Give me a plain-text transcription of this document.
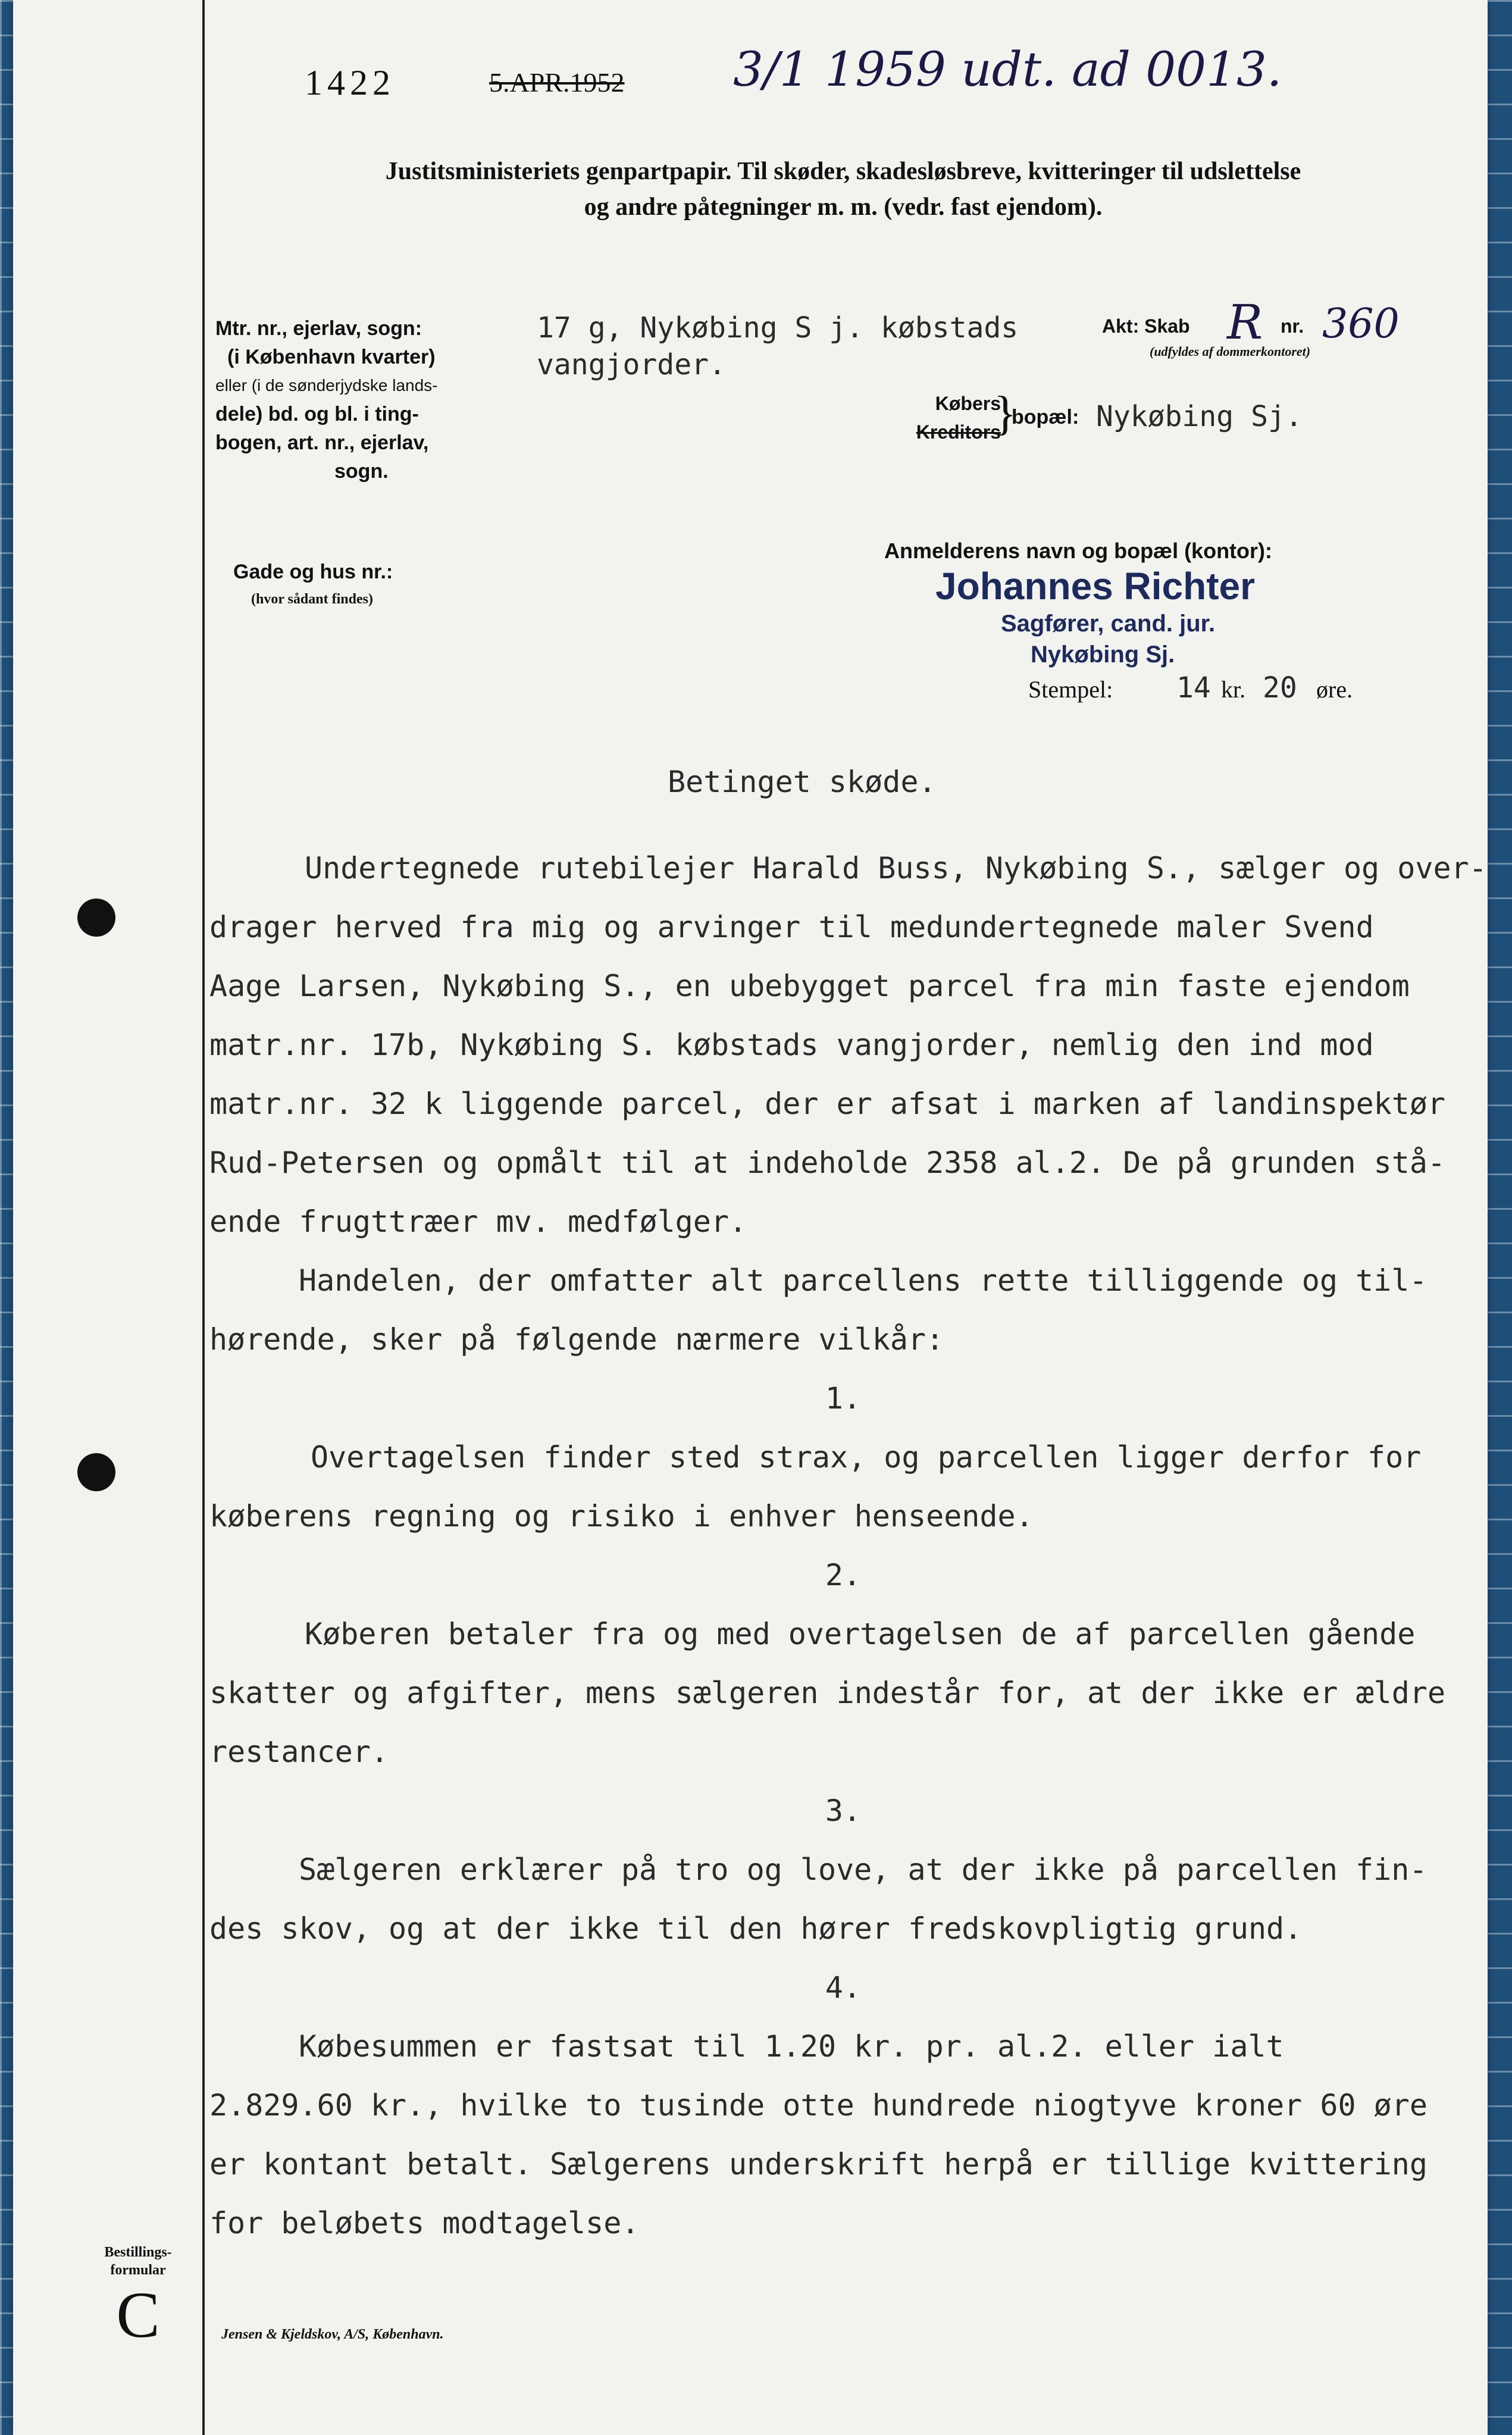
1422	5.APR.1952 3/1 1959 udt. ad 0013.
Justitsministeriets genpartpapir. Til skøder, skadesløsbreve, kvitteringer til udslettelse
og andre påtegninger m. m. (vedr. fast ejendom).
Mtr. nr., ejerlav, sogn:
(i København kvarter)
eller (i de sønderjydske lands-
dele) bd. og bl. i ting-
bogen, art. nr., ejerlav,
sogn.
17 g, Nykøbing S j. købstads
vangjorder.
Akt: Skab R nr. 360
(udfyldes af dommerkontoret)
Købers
Kreditors
}
bopæl: Nykøbing Sj.
Gade og hus nr.:
(hvor sådant findes)
Anmelderens navn og bopæl (kontor):
Johannes Richter
Sagfører, cand. jur.
Nykøbing Sj.
Stempel: 14 kr. 20 øre.
Betinget skøde.
Undertegnede rutebilejer Harald Buss, Nykøbing S., sælger og over-
drager herved fra mig og arvinger til medundertegnede maler Svend
Aage Larsen, Nykøbing S., en ubebygget parcel fra min faste ejendom
matr.nr. 17b, Nykøbing S. købstads vangjorder, nemlig den ind mod
matr.nr. 32 k liggende parcel, der er afsat i marken af landinspektør
Rud-Petersen og opmålt til at indeholde 2358 al.2. De på grunden stå-
ende frugttræer mv. medfølger.
Handelen, der omfatter alt parcellens rette tilliggende og til-
hørende, sker på følgende nærmere vilkår:
1.
Overtagelsen finder sted strax, og parcellen ligger derfor for
køberens regning og risiko i enhver henseende.
2.
Køberen betaler fra og med overtagelsen de af parcellen gående
skatter og afgifter, mens sælgeren indestår for, at der ikke er ældre
restancer.
3.
Sælgeren erklærer på tro og love, at der ikke på parcellen fin-
des skov, og at der ikke til den hører fredskovpligtig grund.
4.
Købesummen er fastsat til 1.20 kr. pr. al.2. eller ialt
2.829.60 kr., hvilke to tusinde otte hundrede niogtyve kroner 60 øre
er kontant betalt. Sælgerens underskrift herpå er tillige kvittering
for beløbets modtagelse.
Bestillings-
formular
C	Jensen & Kjeldskov, A/S, København.
